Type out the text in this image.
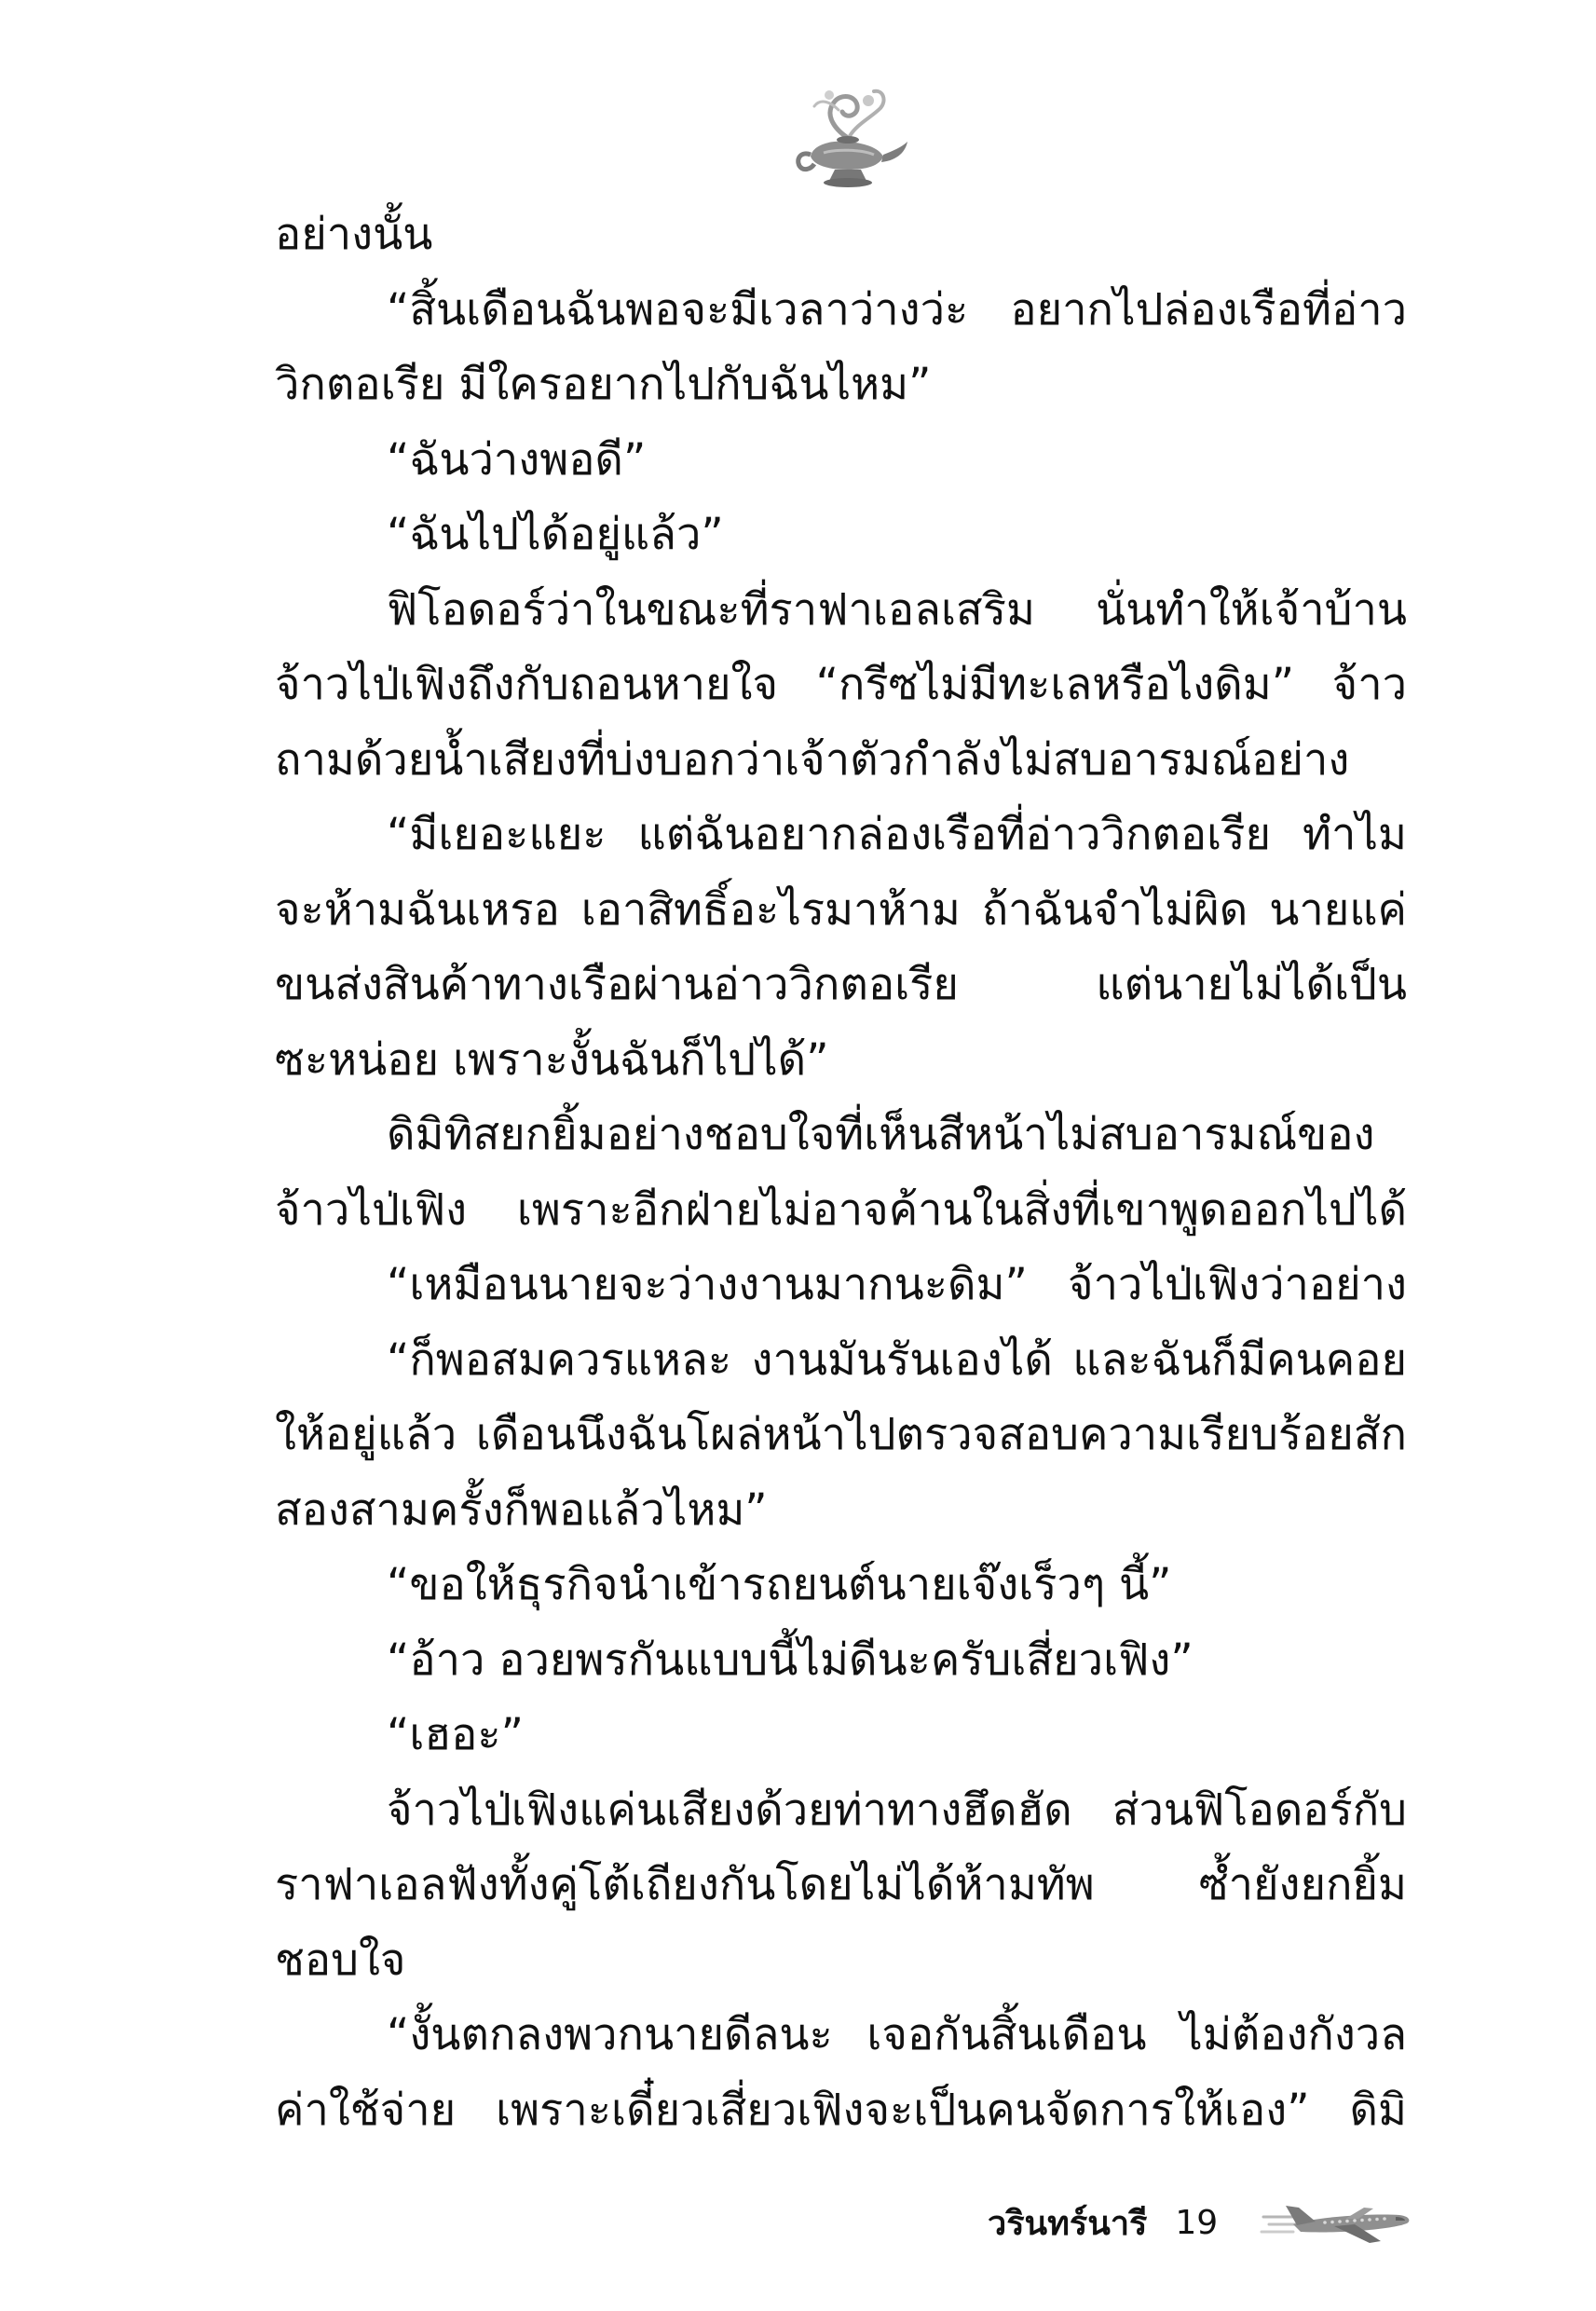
อย่างนั้น
“สิ้นเดือนฉันพอจะมีเวลาว่างว่ะ อยากไปล่องเรือที่อ่าว
วิกตอเรีย มีใครอยากไปกับฉันไหม”
“ฉันว่างพอดี”
“ฉันไปได้อยู่แล้ว”
ฟิโอดอร์ว่าในขณะที่ราฟาเอลเสริม นั่นทำให้เจ้าบ้าน
จ้าวไป่เฟิงถึงกับถอนหายใจ “กรีซไม่มีทะเลหรือไงดิม” จ้าว
ถามด้วยน้ำเสียงที่บ่งบอกว่าเจ้าตัวกำลังไม่สบอารมณ์อย่าง
“มีเยอะแยะ แต่ฉันอยากล่องเรือที่อ่าววิกตอเรีย ทำไม
จะห้ามฉันเหรอ เอาสิทธิ์อะไรมาห้าม ถ้าฉันจำไม่ผิด นายแค่
ขนส่งสินค้าทางเรือผ่านอ่าววิกตอเรีย แต่นายไม่ได้เป็น
ซะหน่อย เพราะงั้นฉันก็ไปได้”
ดิมิทิสยกยิ้มอย่างชอบใจที่เห็นสีหน้าไม่สบอารมณ์ของ
จ้าวไป่เฟิง เพราะอีกฝ่ายไม่อาจค้านในสิ่งที่เขาพูดออกไปได้
“เหมือนนายจะว่างงานมากนะดิม” จ้าวไป่เฟิงว่าอย่าง
“ก็พอสมควรแหละ งานมันรันเองได้ และฉันก็มีคนคอย
ให้อยู่แล้ว เดือนนึงฉันโผล่หน้าไปตรวจสอบความเรียบร้อยสัก
สองสามครั้งก็พอแล้วไหม”
“ขอให้ธุรกิจนำเข้ารถยนต์นายเจ๊งเร็วๆ นี้”
“อ้าว อวยพรกันแบบนี้ไม่ดีนะครับเสี่ยวเฟิง”
“เฮอะ”
จ้าวไป่เฟิงแค่นเสียงด้วยท่าทางฮึดฮัด ส่วนฟิโอดอร์กับ
ราฟาเอลฟังทั้งคู่โต้เถียงกันโดยไม่ได้ห้ามทัพ ซ้ำยังยกยิ้ม
ชอบใจ
“งั้นตกลงพวกนายดีลนะ เจอกันสิ้นเดือน ไม่ต้องกังวล
ค่าใช้จ่าย เพราะเดี๋ยวเสี่ยวเฟิงจะเป็นคนจัดการให้เอง” ดิมิ
วรินทร์นารี 19
